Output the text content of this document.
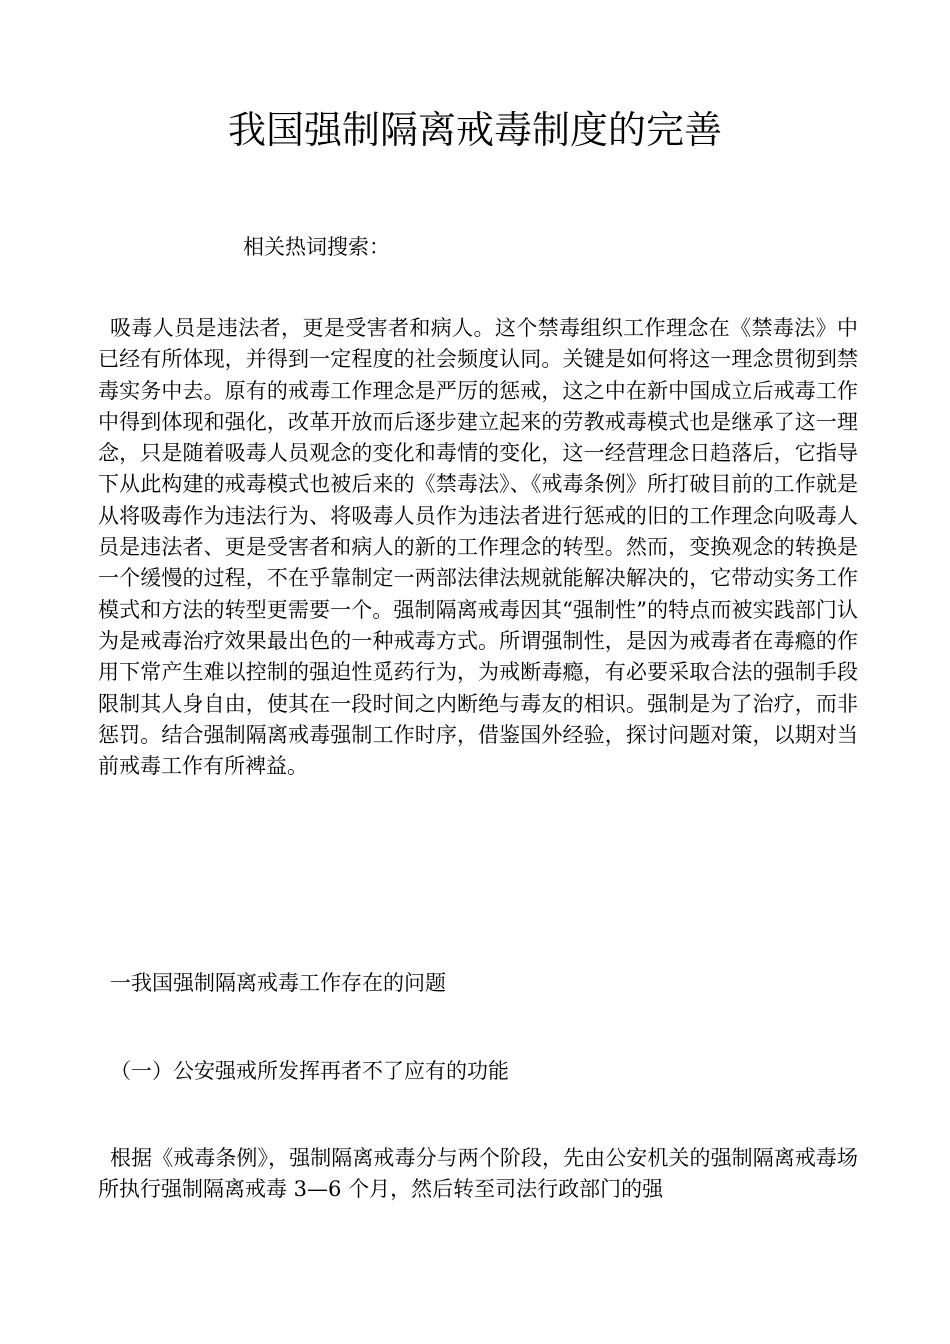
我国强制隔离戒毒制度的完善
相关热词搜索：

吸毒人员是违法者，更是受害者和病人。这个禁毒组织工作理念在《禁毒法》中已经有所体现，并得到一定程度的社会频度认同。关键是如何将这一理念贯彻到禁毒实务中去。原有的戒毒工作理念是严厉的惩戒，这之中在新中国成立后戒毒工作中得到体现和强化，改革开放而后逐步建立起来的劳教戒毒模式也是继承了这一理念，只是随着吸毒人员观念的变化和毒情的变化，这一经营理念日趋落后，它指导下从此构建的戒毒模式也被后来的《禁毒法》、《戒毒条例》所打破目前的工作就是从将吸毒作为违法行为、将吸毒人员作为违法者进行惩戒的旧的工作理念向吸毒人员是违法者、更是受害者和病人的新的工作理念的转型。然而，变换观念的转换是一个缓慢的过程，不在乎靠制定一两部法律法规就能解决解决的，它带动实务工作模式和方法的转型更需要一个。强制隔离戒毒因其“强制性”的特点而被实践部门认为是戒毒治疗效果最出色的一种戒毒方式。所谓强制性，是因为戒毒者在毒瘾的作用下常产生难以控制的强迫性觅药行为，为戒断毒瘾，有必要采取合法的强制手段限制其人身自由，使其在一段时间之内断绝与毒友的相识。强制是为了治疗，而非惩罚。结合强制隔离戒毒强制工作时序，借鉴国外经验，探讨问题对策，以期对当前戒毒工作有所裨益。

一我国强制隔离戒毒工作存在的问题
（一）公安强戒所发挥再者不了应有的功能

根据《戒毒条例》，强制隔离戒毒分与两个阶段，先由公安机关的强制隔离戒毒场所执行强制隔离戒毒 3—6 个月，然后转至司法行政部门的强
